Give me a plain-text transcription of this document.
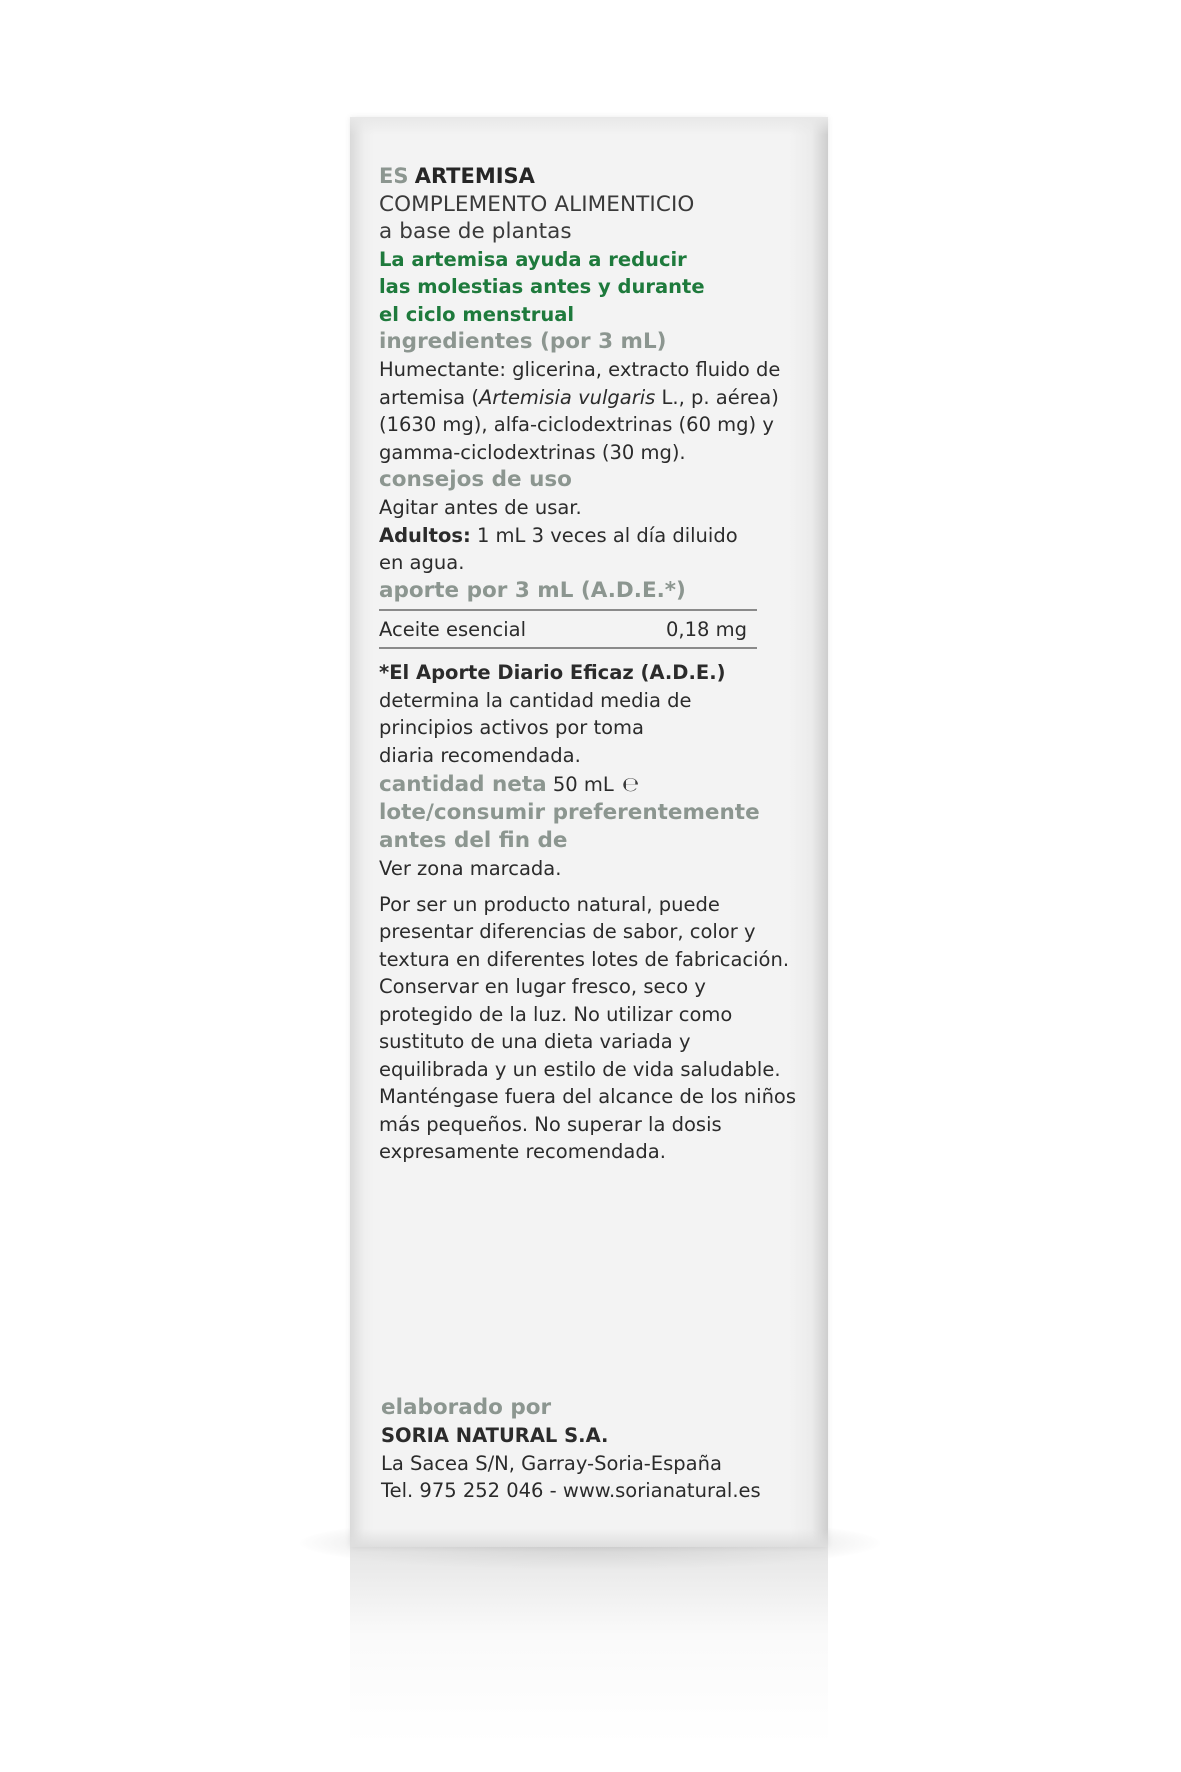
ES ARTEMISA
COMPLEMENTO ALIMENTICIO
a base de plantas
La artemisa ayuda a reducir
las molestias antes y durante
el ciclo menstrual
ingredientes (por 3 mL)
Humectante: glicerina, extracto fluido de
artemisa (Artemisia vulgaris L., p. aérea)
(1630 mg), alfa-ciclodextrinas (60 mg) y
gamma-ciclodextrinas (30 mg).
consejos de uso
Agitar antes de usar.
Adultos: 1 mL 3 veces al día diluido
en agua.
aporte por 3 mL (A.D.E.*)
Aceite esencial	0,18 mg
*El Aporte Diario Eficaz (A.D.E.)
determina la cantidad media de
principios activos por toma
diaria recomendada.
cantidad neta 50 mL ℮
lote/consumir preferentemente
antes del fin de
Ver zona marcada.
Por ser un producto natural, puede
presentar diferencias de sabor, color y
textura en diferentes lotes de fabricación.
Conservar en lugar fresco, seco y
protegido de la luz. No utilizar como
sustituto de una dieta variada y
equilibrada y un estilo de vida saludable.
Manténgase fuera del alcance de los niños
más pequeños. No superar la dosis
expresamente recomendada.
elaborado por
SORIA NATURAL S.A.
La Sacea S/N, Garray-Soria-España
Tel. 975 252 046 - www.sorianatural.es
